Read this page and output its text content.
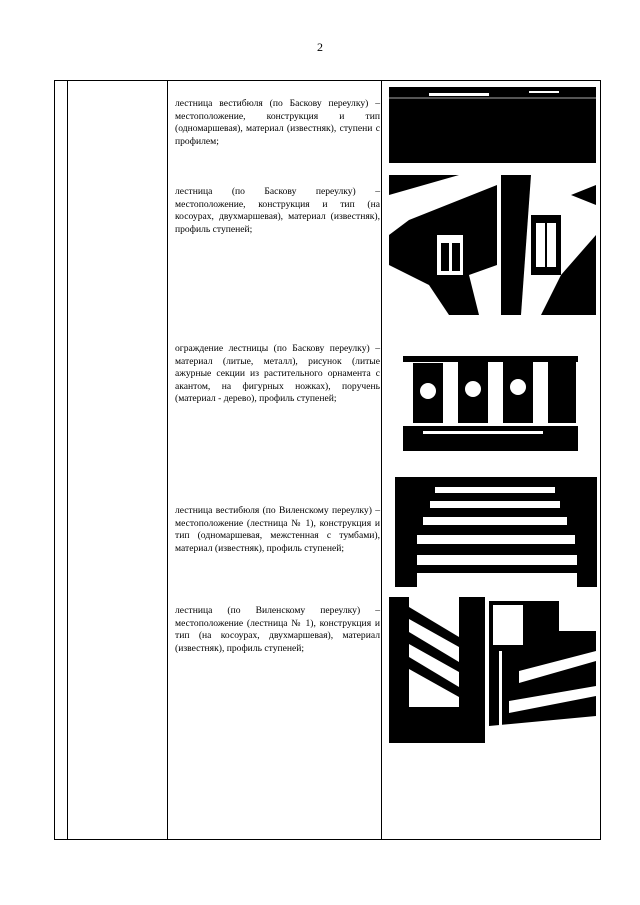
2
лестница вестибюля (по Баскову переулку) – местоположение, конструкция и тип (одномаршевая), материал (известняк), ступени с профилем;
лестница (по Баскову переулку) – местоположение, конструкция и тип (на косоурах, двухмаршевая), материал (известняк), профиль ступеней;
ограждение лестницы (по Баскову переулку) – материал (литые, металл), рисунок (литые ажурные секции из растительного орнамента с акантом, на фигурных ножках), поручень (материал - дерево), профиль ступеней;
лестница вестибюля (по Виленскому переулку) – местоположение (лестница № 1), конструкция и тип (одномаршевая, межстенная с тумбами), материал (известняк), профиль ступеней;
лестница (по Виленскому переулку) – местоположение (лестница № 1), конструкция и тип (на косоурах, двухмаршевая), материал (известняк), профиль ступеней;
